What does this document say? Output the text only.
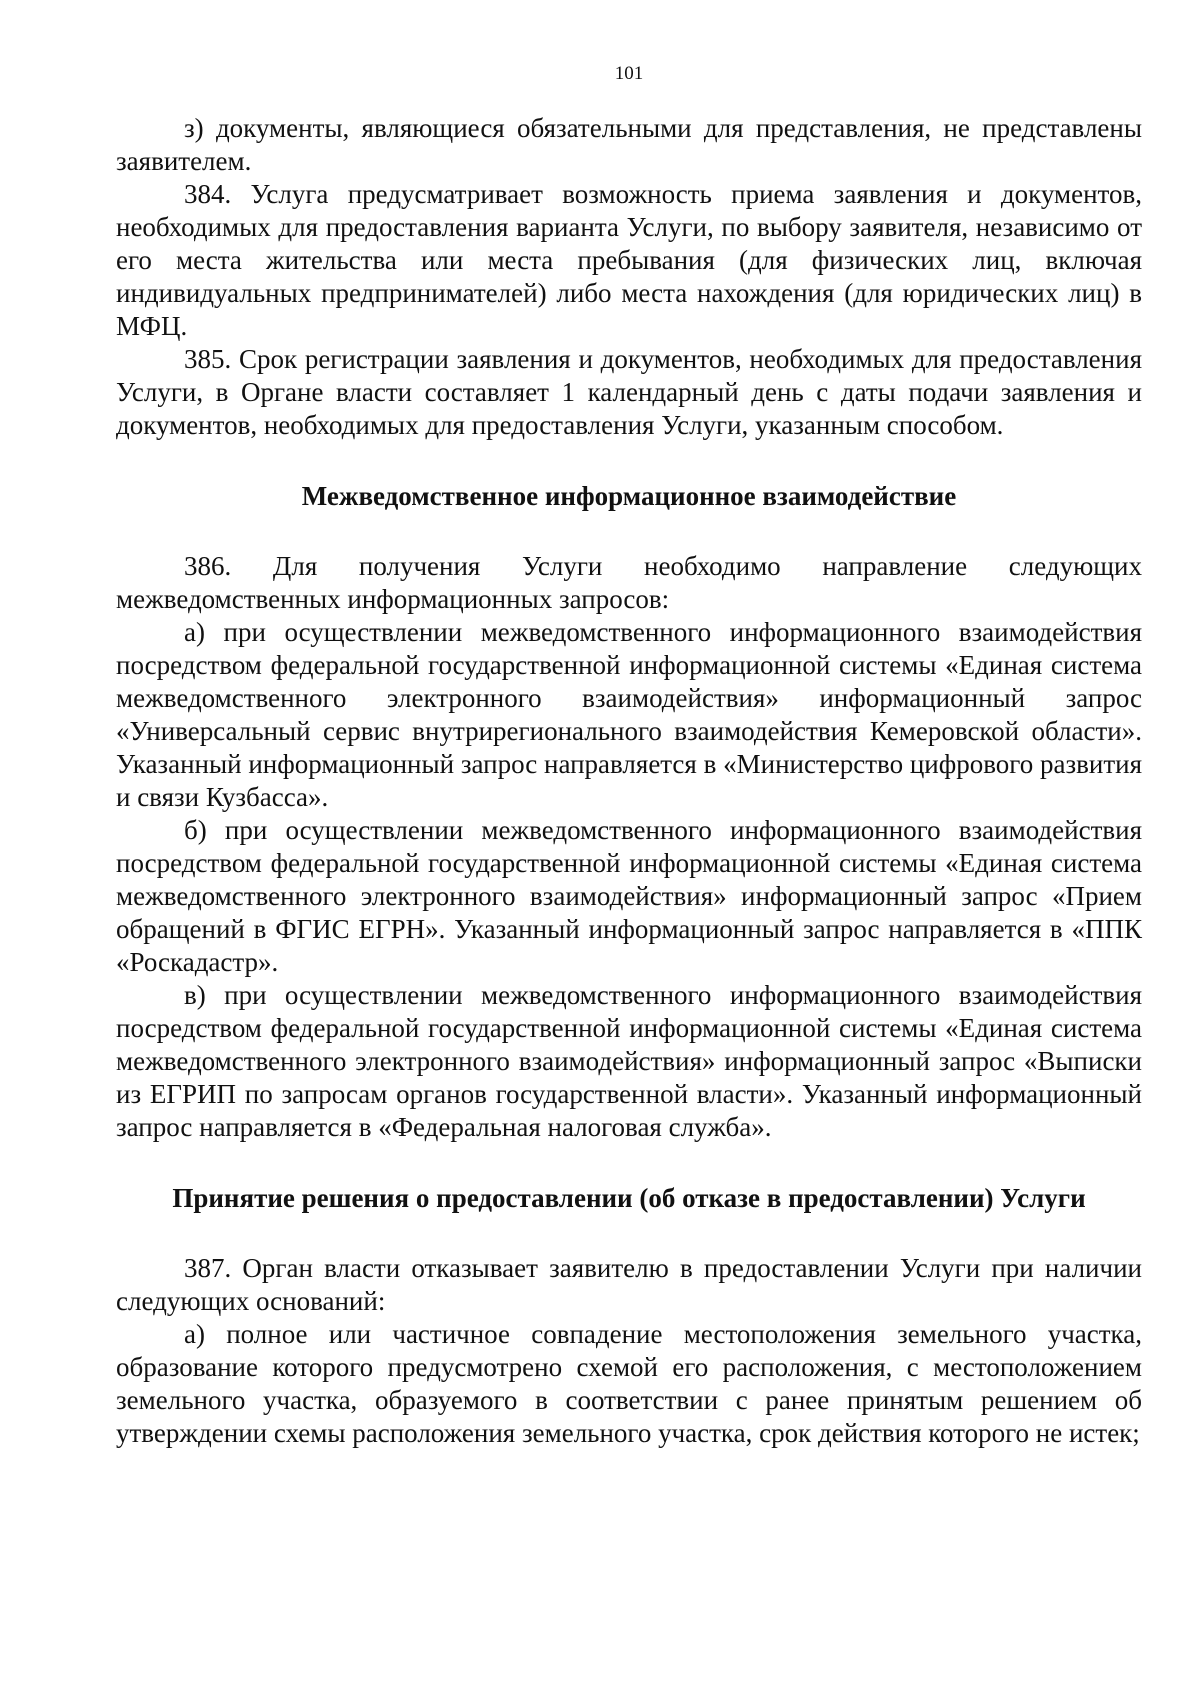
101

з) документы, являющиеся обязательными для представления, не представлены заявителем.

384. Услуга предусматривает возможность приема заявления и документов, необходимых для предоставления варианта Услуги, по выбору заявителя, независимо от его места жительства или места пребывания (для физических лиц, включая индивидуальных предпринимателей) либо места нахождения (для юридических лиц) в МФЦ.

385. Срок регистрации заявления и документов, необходимых для предоставления Услуги, в Органе власти составляет 1 календарный день с даты подачи заявления и документов, необходимых для предоставления Услуги, указанным способом.

Межведомственное информационное взаимодействие

386. Для получения Услуги необходимо направление следующих межведомственных информационных запросов:

а) при осуществлении межведомственного информационного взаимодействия посредством федеральной государственной информационной системы «Единая система межведомственного электронного взаимодействия» информационный запрос «Универсальный сервис внутрирегионального взаимодействия Кемеровской области». Указанный информационный запрос направляется в «Министерство цифрового развития и связи Кузбасса».

б) при осуществлении межведомственного информационного взаимодействия посредством федеральной государственной информационной системы «Единая система межведомственного электронного взаимодействия» информационный запрос «Прием обращений в ФГИС ЕГРН». Указанный информационный запрос направляется в «ППК «Роскадастр».

в) при осуществлении межведомственного информационного взаимодействия посредством федеральной государственной информационной системы «Единая система межведомственного электронного взаимодействия» информационный запрос «Выписки из ЕГРИП по запросам органов государственной власти». Указанный информационный запрос направляется в «Федеральная налоговая служба».

Принятие решения о предоставлении (об отказе в предоставлении) Услуги

387. Орган власти отказывает заявителю в предоставлении Услуги при наличии следующих оснований:

а) полное или частичное совпадение местоположения земельного участка, образование которого предусмотрено схемой его расположения, с местоположением земельного участка, образуемого в соответствии с ранее принятым решением об утверждении схемы расположения земельного участка, срок действия которого не истек;
